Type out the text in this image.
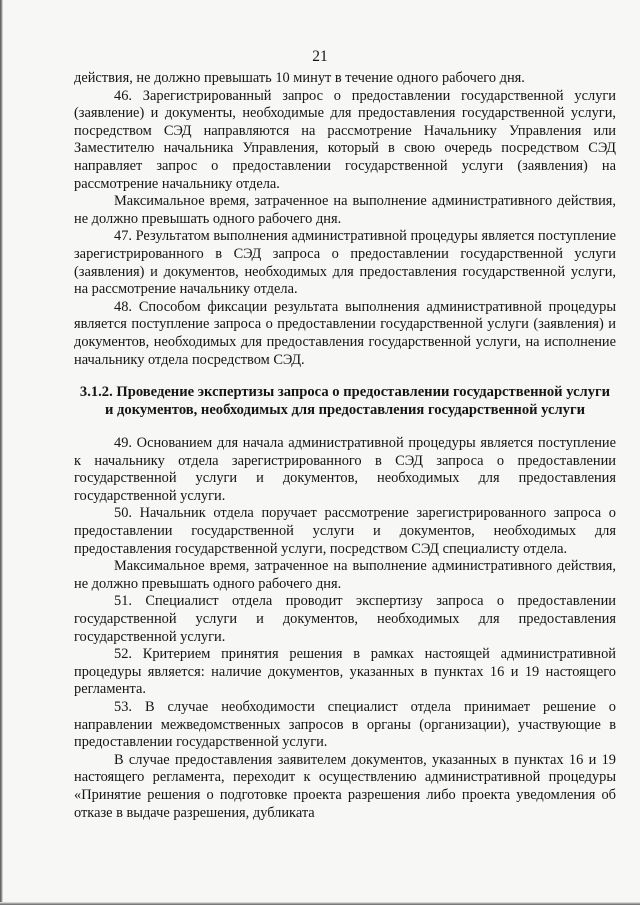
21

действия, не должно превышать 10 минут в течение одного рабочего дня.

46. Зарегистрированный запрос о предоставлении государственной услуги (заявление) и документы, необходимые для предоставления государственной услуги, посредством СЭД направляются на рассмотрение Начальнику Управления или Заместителю начальника Управления, который в свою очередь посредством СЭД направляет запрос о предоставлении государственной услуги (заявления) на рассмотрение начальнику отдела.

Максимальное время, затраченное на выполнение административного действия, не должно превышать одного рабочего дня.

47. Результатом выполнения административной процедуры является поступление зарегистрированного в СЭД запроса о предоставлении государственной услуги (заявления) и документов, необходимых для предоставления государственной услуги, на рассмотрение начальнику отдела.

48. Способом фиксации результата выполнения административной процедуры является поступление запроса о предоставлении государственной услуги (заявления) и документов, необходимых для предоставления государственной услуги, на исполнение начальнику отдела посредством СЭД.

3.1.2. Проведение экспертизы запроса о предоставлении государственной услуги и документов, необходимых для предоставления государственной услуги

49. Основанием для начала административной процедуры является поступление к начальнику отдела зарегистрированного в СЭД запроса о предоставлении государственной услуги и документов, необходимых для предоставления государственной услуги.

50. Начальник отдела поручает рассмотрение зарегистрированного запроса о предоставлении государственной услуги и документов, необходимых для предоставления государственной услуги, посредством СЭД специалисту отдела.

Максимальное время, затраченное на выполнение административного действия, не должно превышать одного рабочего дня.

51. Специалист отдела проводит экспертизу запроса о предоставлении государственной услуги и документов, необходимых для предоставления государственной услуги.

52. Критерием принятия решения в рамках настоящей административной процедуры является: наличие документов, указанных в пунктах 16 и 19 настоящего регламента.

53. В случае необходимости специалист отдела принимает решение о направлении межведомственных запросов в органы (организации), участвующие в предоставлении государственной услуги.

В случае предоставления заявителем документов, указанных в пунктах 16 и 19 настоящего регламента, переходит к осуществлению административной процедуры «Принятие решения о подготовке проекта разрешения либо проекта уведомления об отказе в выдаче разрешения, дубликата
